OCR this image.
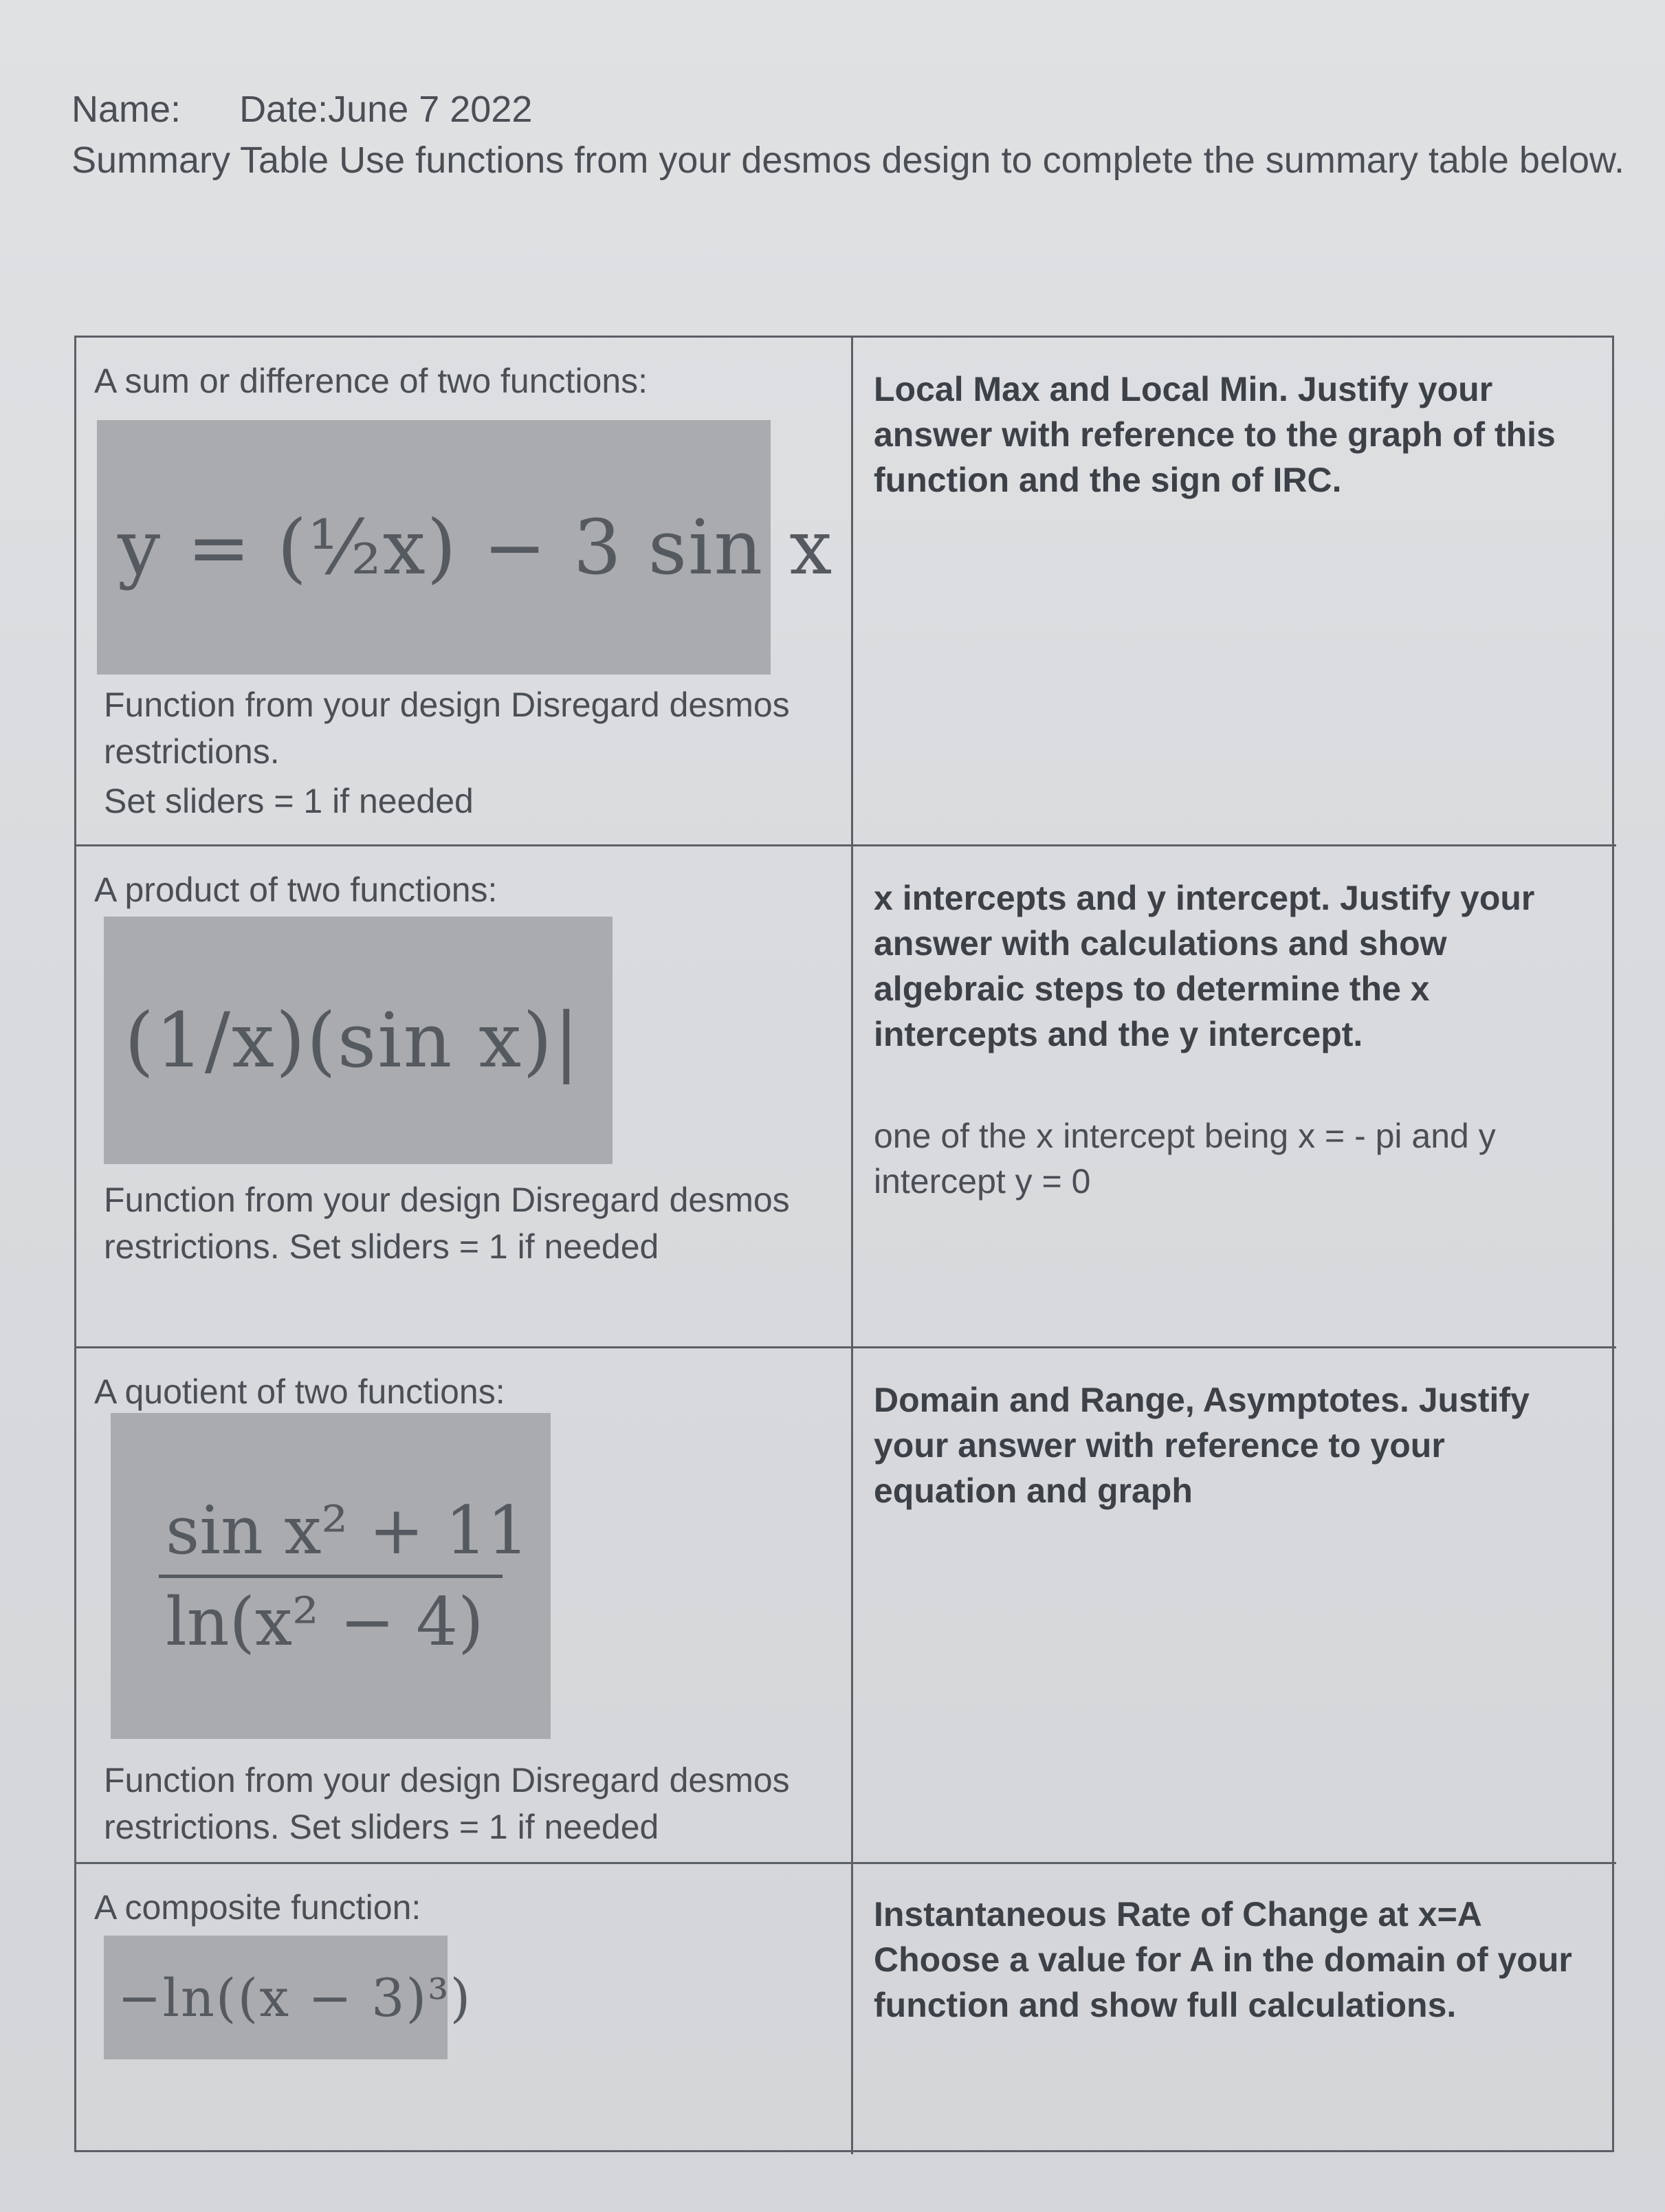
Name: Date:June 7 2022
Summary Table Use functions from your desmos design to complete the summary table below.
A sum or difference of two functions:
y = (½x) − 3 sin x
Function from your design Disregard desmos restrictions.
Set sliders = 1 if needed
Local Max and Local Min. Justify your answer with reference to the graph of this function and the sign of IRC.
A product of two functions:
(1/x)(sin x)|
Function from your design Disregard desmos restrictions. Set sliders = 1 if needed
x intercepts and y intercept. Justify your answer with calculations and show algebraic steps to determine the x intercepts and the y intercept.
one of the x intercept being x = - pi and y intercept y = 0
A quotient of two functions:
sin x² + 11
ln(x² − 4)
Function from your design Disregard desmos restrictions. Set sliders = 1 if needed
Domain and Range, Asymptotes. Justify your answer with reference to your equation and graph
A composite function:
−ln((x − 3)³)
Instantaneous Rate of Change at x=A Choose a value for A in the domain of your function and show full calculations.
